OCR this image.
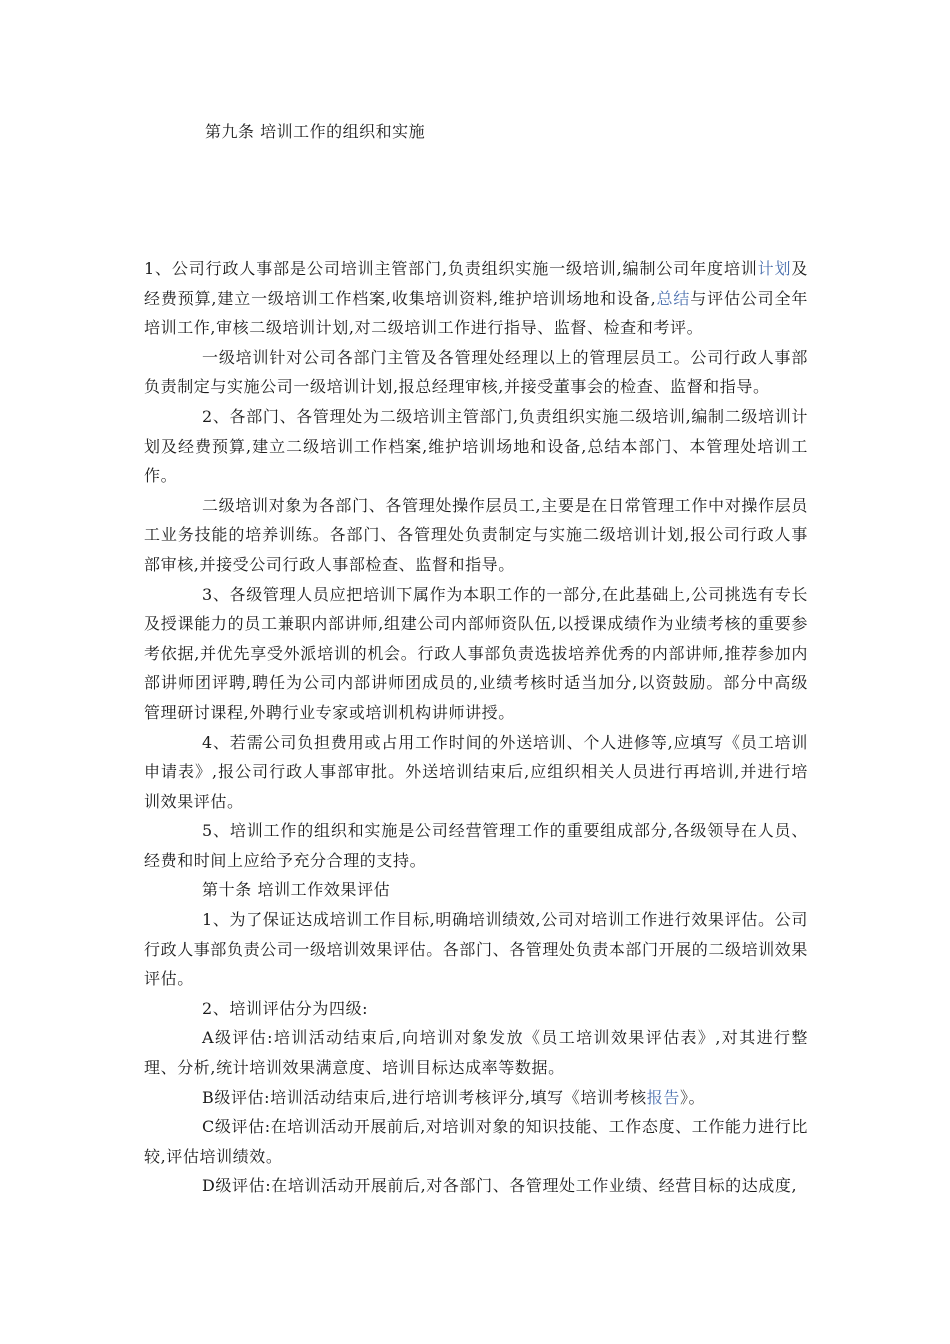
第九条 培训工作的组织和实施

1、公司行政人事部是公司培训主管部门,负责组织实施一级培训,编制公司年度培训计划及经费预算,建立一级培训工作档案,收集培训资料,维护培训场地和设备,总结与评估公司全年培训工作,审核二级培训计划,对二级培训工作进行指导、监督、检查和考评。

一级培训针对公司各部门主管及各管理处经理以上的管理层员工。公司行政人事部负责制定与实施公司一级培训计划,报总经理审核,并接受董事会的检查、监督和指导。

2、各部门、各管理处为二级培训主管部门,负责组织实施二级培训,编制二级培训计划及经费预算,建立二级培训工作档案,维护培训场地和设备,总结本部门、本管理处培训工作。

二级培训对象为各部门、各管理处操作层员工,主要是在日常管理工作中对操作层员工业务技能的培养训练。各部门、各管理处负责制定与实施二级培训计划,报公司行政人事部审核,并接受公司行政人事部检查、监督和指导。

3、各级管理人员应把培训下属作为本职工作的一部分,在此基础上,公司挑选有专长及授课能力的员工兼职内部讲师,组建公司内部师资队伍,以授课成绩作为业绩考核的重要参考依据,并优先享受外派培训的机会。行政人事部负责选拔培养优秀的内部讲师,推荐参加内部讲师团评聘,聘任为公司内部讲师团成员的,业绩考核时适当加分,以资鼓励。部分中高级管理研讨课程,外聘行业专家或培训机构讲师讲授。

4、若需公司负担费用或占用工作时间的外送培训、个人进修等,应填写《员工培训申请表》,报公司行政人事部审批。外送培训结束后,应组织相关人员进行再培训,并进行培训效果评估。

5、培训工作的组织和实施是公司经营管理工作的重要组成部分,各级领导在人员、经费和时间上应给予充分合理的支持。

第十条 培训工作效果评估

1、为了保证达成培训工作目标,明确培训绩效,公司对培训工作进行效果评估。公司行政人事部负责公司一级培训效果评估。各部门、各管理处负责本部门开展的二级培训效果评估。

2、培训评估分为四级:

A级评估:培训活动结束后,向培训对象发放《员工培训效果评估表》,对其进行整理、分析,统计培训效果满意度、培训目标达成率等数据。

B级评估:培训活动结束后,进行培训考核评分,填写《培训考核报告》。

C级评估:在培训活动开展前后,对培训对象的知识技能、工作态度、工作能力进行比较,评估培训绩效。

D级评估:在培训活动开展前后,对各部门、各管理处工作业绩、经营目标的达成度,
